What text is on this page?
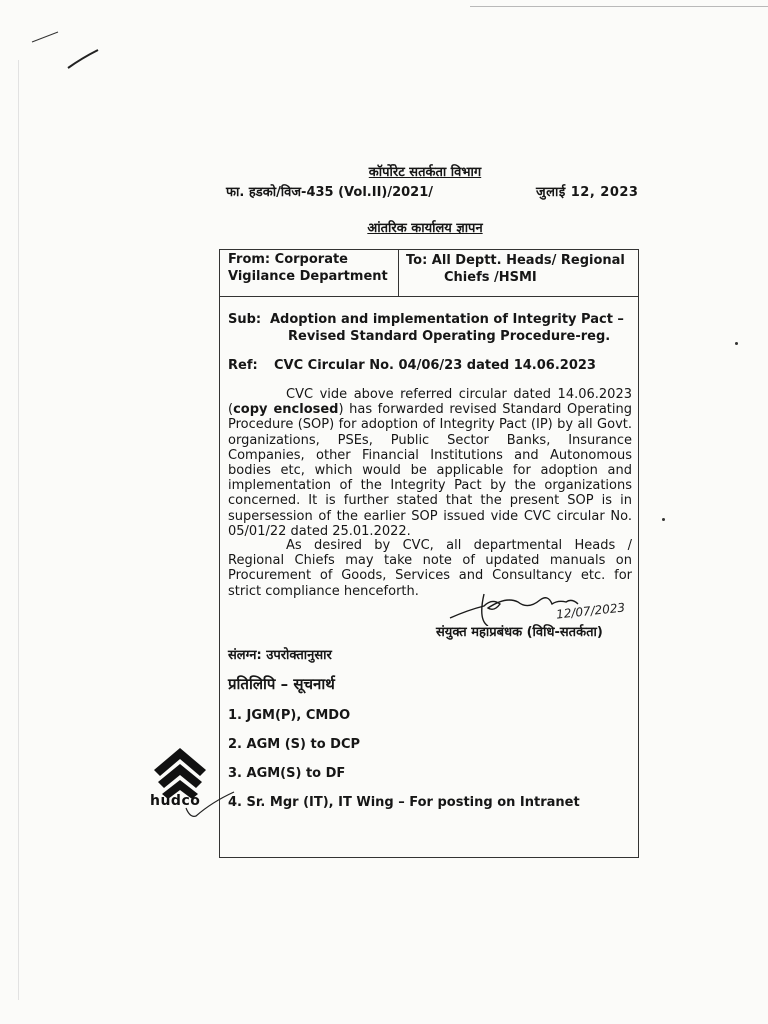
कॉर्पोरेट सतर्कता विभाग
फा. हडको/विज-435 (Vol.II)/2021/	जुलाई 12, 2023
आंतरिक कार्यालय ज्ञापन
From: Corporate
Vigilance Department
To: All Deptt. Heads/ Regional
Chiefs /HSMI
Sub: Adoption and implementation of Integrity Pact –
Revised Standard Operating Procedure-reg.
Ref: CVC Circular No. 04/06/23 dated 14.06.2023
CVC vide above referred circular dated 14.06.2023 (copy enclosed) has forwarded revised Standard Operating Procedure (SOP) for adoption of Integrity Pact (IP) by all Govt. organizations, PSEs, Public Sector Banks, Insurance Companies, other Financial Institutions and Autonomous bodies etc, which would be applicable for adoption and implementation of the Integrity Pact by the organizations concerned. It is further stated that the present SOP is in supersession of the earlier SOP issued vide CVC circular No. 05/01/22 dated 25.01.2022.
As desired by CVC, all departmental Heads / Regional Chiefs may take note of updated manuals on Procurement of Goods, Services and Consultancy etc. for strict compliance henceforth.
12/07/2023
संयुक्त महाप्रबंधक (विधि-सतर्कता)
संलग्न: उपरोक्तानुसार
प्रतिलिपि – सूचनार्थ
1. JGM(P), CMDO
2. AGM (S) to DCP
3. AGM(S) to DF
4. Sr. Mgr (IT), IT Wing – For posting on Intranet
hudco
